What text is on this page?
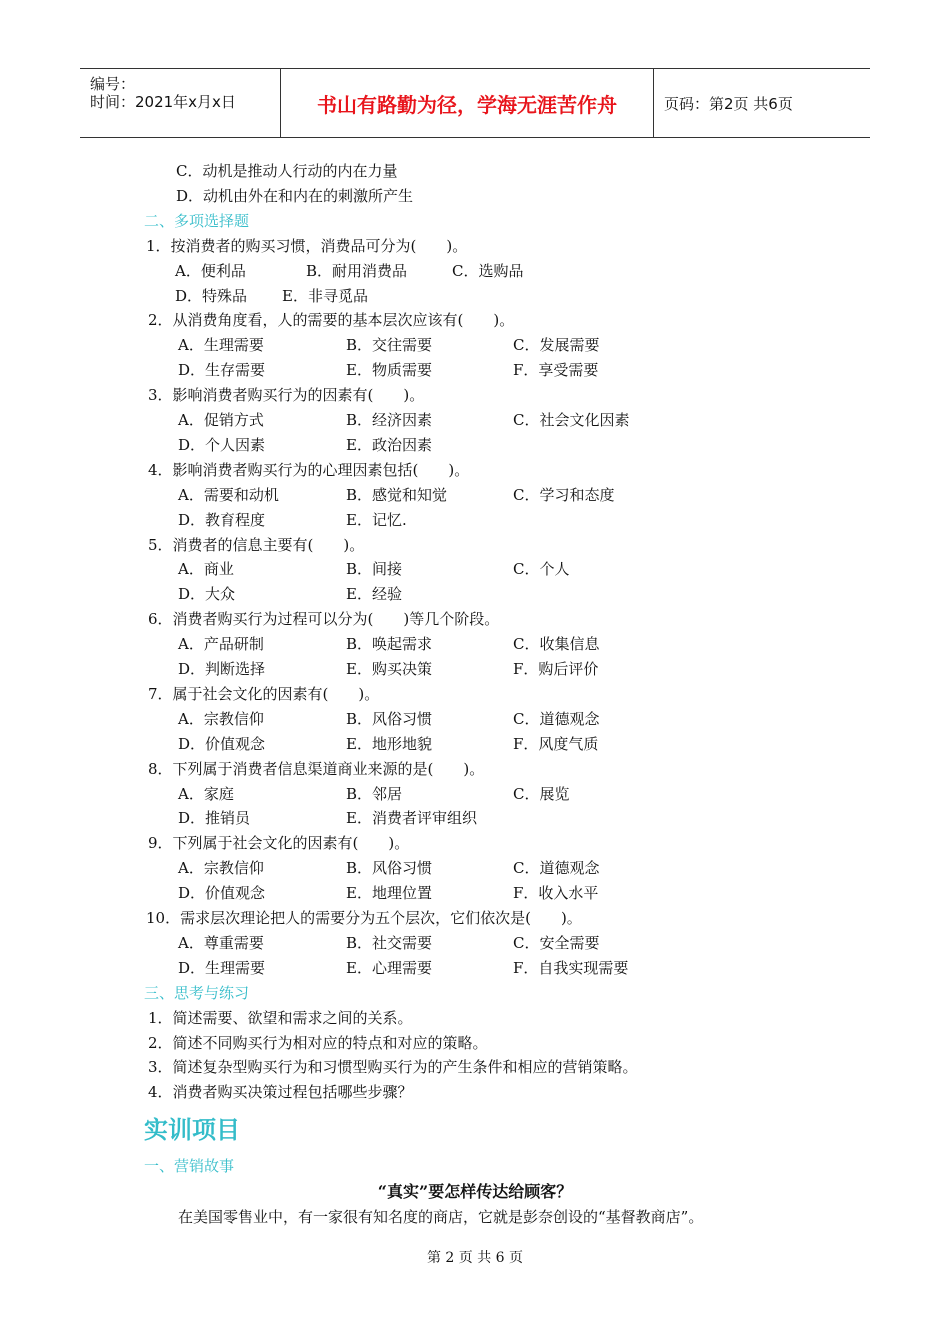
编号：
时间：2021年x月x日	书山有路勤为径，学海无涯苦作舟	页码：第2页 共6页
C．动机是推动人行动的内在力量
D．动机由外在和内在的刺激所产生
二、多项选择题
1．按消费者的购买习惯，消费品可分为(　　)。
A．便利品	B．耐用消费品	C．选购品
D．特殊品 E．非寻觅品
2．从消费角度看，人的需要的基本层次应该有(　　)。
A．生理需要	B．交往需要	C．发展需要
D．生存需要	E．物质需要	F．享受需要
3．影响消费者购买行为的因素有(　　)。
A．促销方式	B．经济因素	C．社会文化因素
D．个人因素	E．政治因素
4．影响消费者购买行为的心理因素包括(　　)。
A．需要和动机	B．感觉和知觉	C．学习和态度
D．教育程度	E．记忆.
5．消费者的信息主要有(　　)。
A．商业	B．间接	C．个人
D．大众	E．经验
6．消费者购买行为过程可以分为(　　)等几个阶段。
A．产品研制	B．唤起需求	C．收集信息
D．判断选择	E．购买决策	F．购后评价
7．属于社会文化的因素有(　　)。
A．宗教信仰	B．风俗习惯	C．道德观念
D．价值观念	E．地形地貌	F．风度气质
8．下列属于消费者信息渠道商业来源的是(　　)。
A．家庭	B．邻居	C．展览
D．推销员	E．消费者评审组织
9．下列属于社会文化的因素有(　　)。
A．宗教信仰	B．风俗习惯	C．道德观念
D．价值观念	E．地理位置	F．收入水平
10．需求层次理论把人的需要分为五个层次，它们依次是(　　)。
A．尊重需要	B．社交需要	C．安全需要
D．生理需要	E．心理需要	F．自我实现需要
三、思考与练习
1．简述需要、欲望和需求之间的关系。
2．简述不同购买行为相对应的特点和对应的策略。
3．简述复杂型购买行为和习惯型购买行为的产生条件和相应的营销策略。
4．消费者购买决策过程包括哪些步骤？
实训项目
一、营销故事
“真实”要怎样传达给顾客？
在美国零售业中，有一家很有知名度的商店，它就是彭奈创设的“基督教商店”。
第 2 页 共 6 页
